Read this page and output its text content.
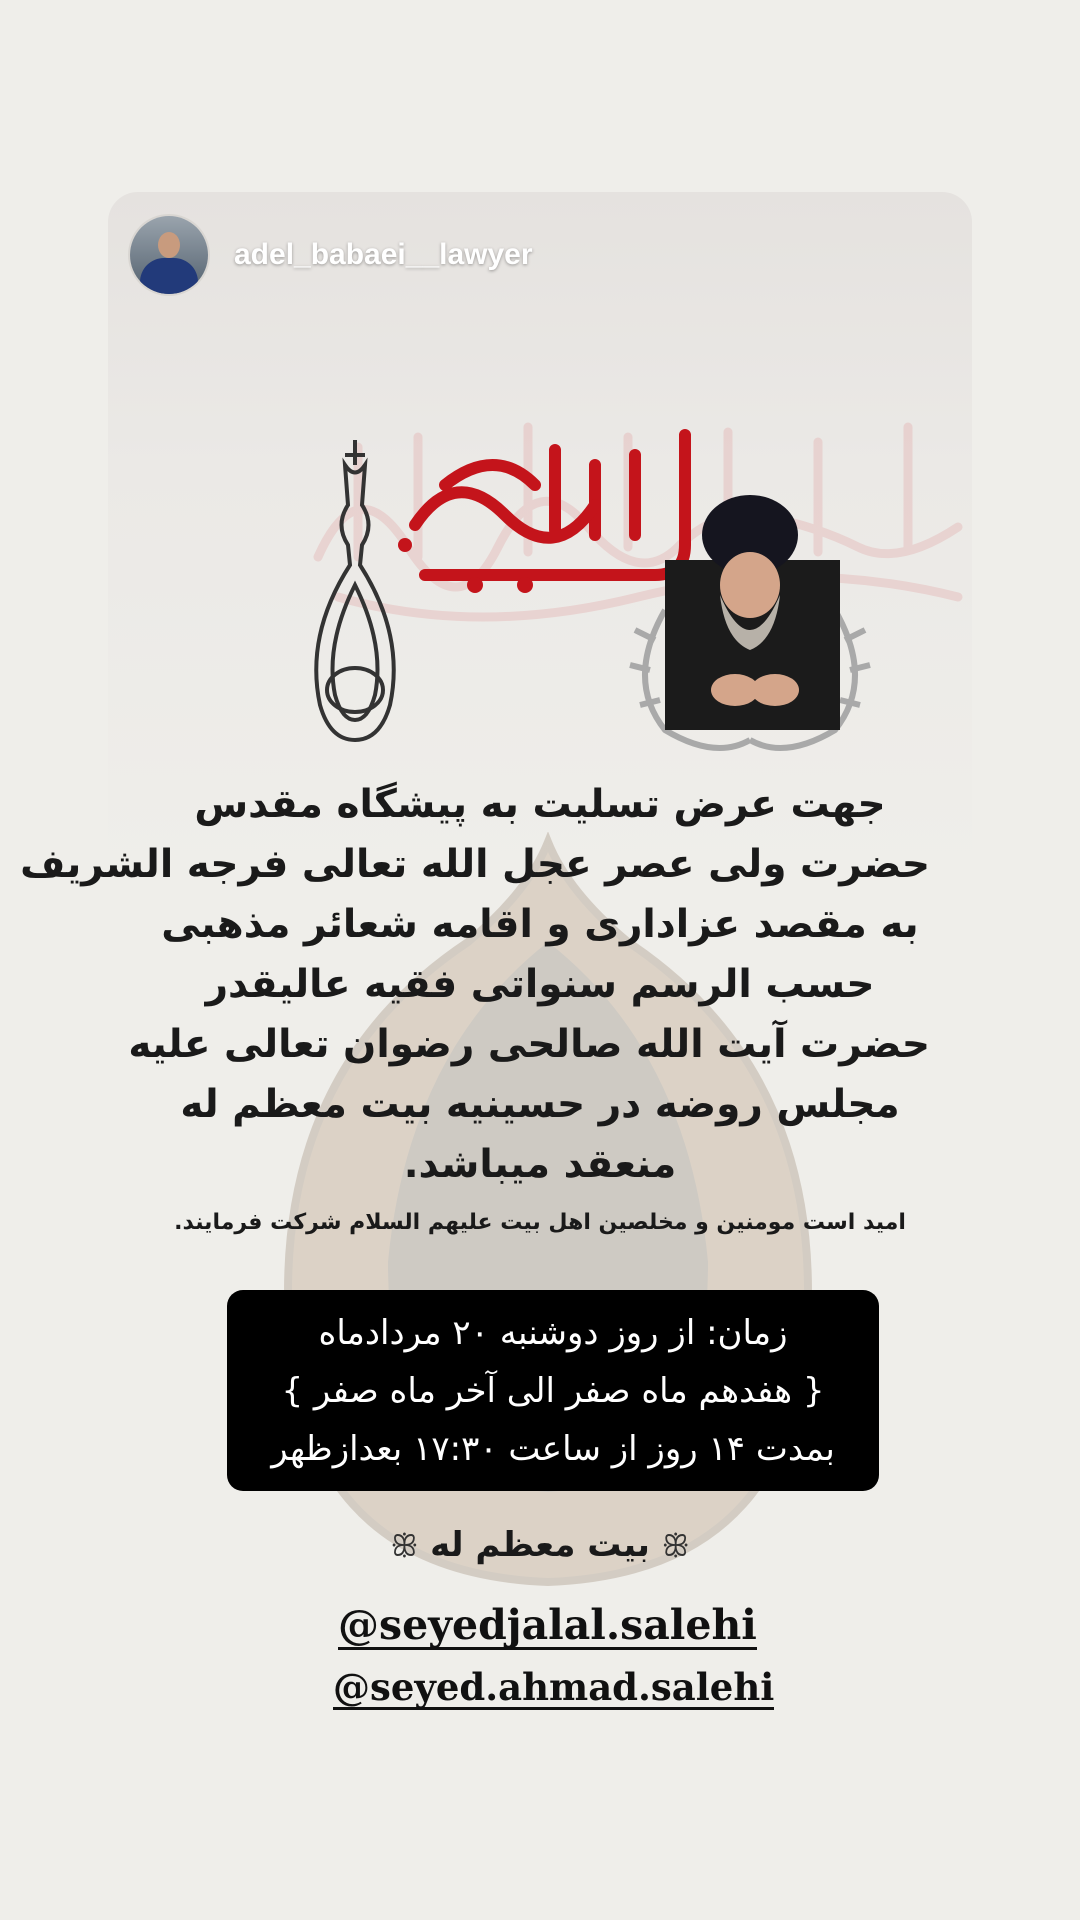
adel_babaei__lawyer
جهت عرض تسلیت به پیشگاه مقدس
حضرت ولی عصر عجل الله تعالی فرجه الشریف
به مقصد عزاداری و اقامه شعائر مذهبی
حسب الرسم سنواتی فقیه عالیقدر
حضرت آیت الله صالحی رضوان تعالی علیه
مجلس روضه در حسینیه بیت معظم له
منعقد میباشد.
امید است مومنین و مخلصین اهل بیت علیهم السلام شرکت فرمایند.
زمان: از روز دوشنبه ۲۰ مردادماه
{ هفدهم ماه صفر الی آخر ماه صفر }
بمدت ۱۴ روز از ساعت ۱۷:۳۰ بعدازظهر
ꕥ بیت معظم له ꕥ
@seyedjalal.salehi
@seyed.ahmad.salehi
